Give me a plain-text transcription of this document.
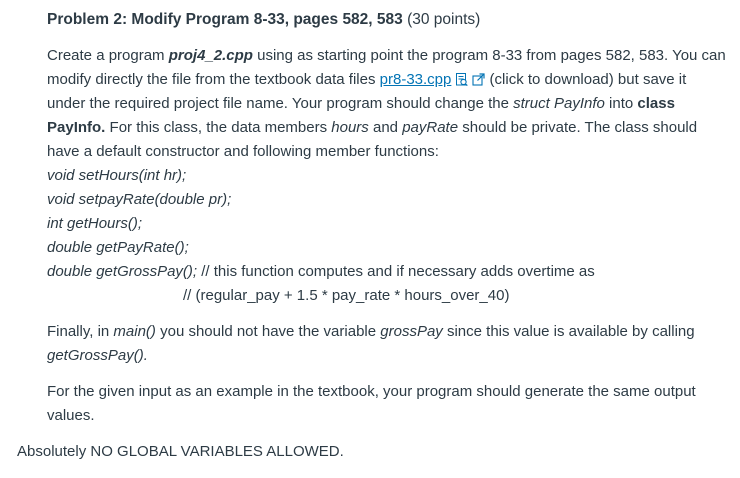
Problem 2: Modify Program 8-33, pages 582, 583 (30 points)

Create a program proj4_2.cpp using as starting point the program 8-33 from pages 582, 583. You can modify directly the file from the textbook data files pr8-33.cpp
(click to download) but save it under the required project file name. Your program should change the struct PayInfo into class PayInfo. For this class, the data members hours and payRate should be private. The class should have a default constructor and following member functions:

void setHours(int hr);
void setpayRate(double pr);
int getHours();
double getPayRate();
double getGrossPay(); // this function computes and if necessary adds overtime as
// (regular_pay + 1.5 * pay_rate * hours_over_40)

Finally, in main() you should not have the variable grossPay since this value is available by calling getGrossPay().

For the given input as an example in the textbook, your program should generate the same output values.

Absolutely NO GLOBAL VARIABLES ALLOWED.
